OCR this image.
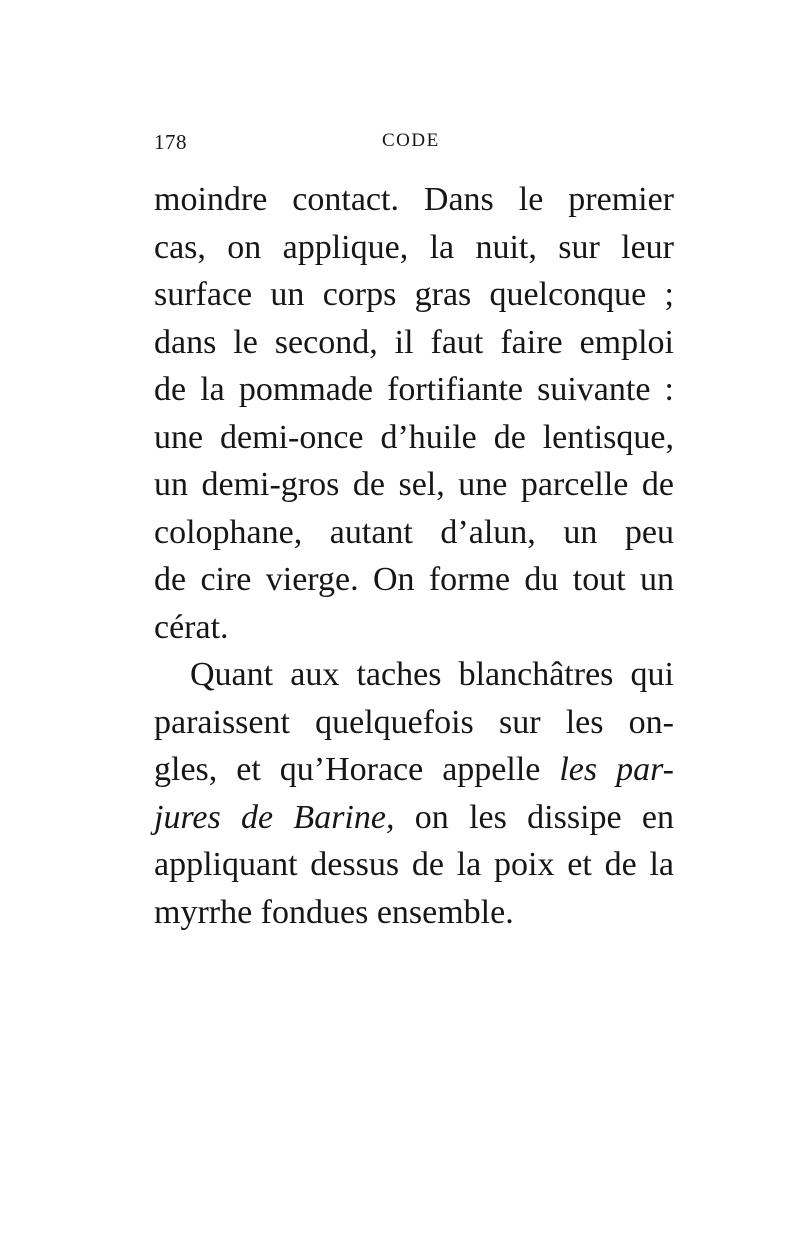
178	CODE
moindre contact. Dans le premier
cas, on applique, la nuit, sur leur
surface un corps gras quelconque ;
dans le second, il faut faire emploi
de la pommade fortifiante suivante :
une demi-once d’huile de lentisque,
un demi-gros de sel, une parcelle de
colophane, autant d’alun, un peu
de cire vierge. On forme du tout un
cérat.
Quant aux taches blanchâtres qui
paraissent quelquefois sur les on-
gles, et qu’Horace appelle les par-
jures de Barine, on les dissipe en
appliquant dessus de la poix et de la
myrrhe fondues ensemble.
